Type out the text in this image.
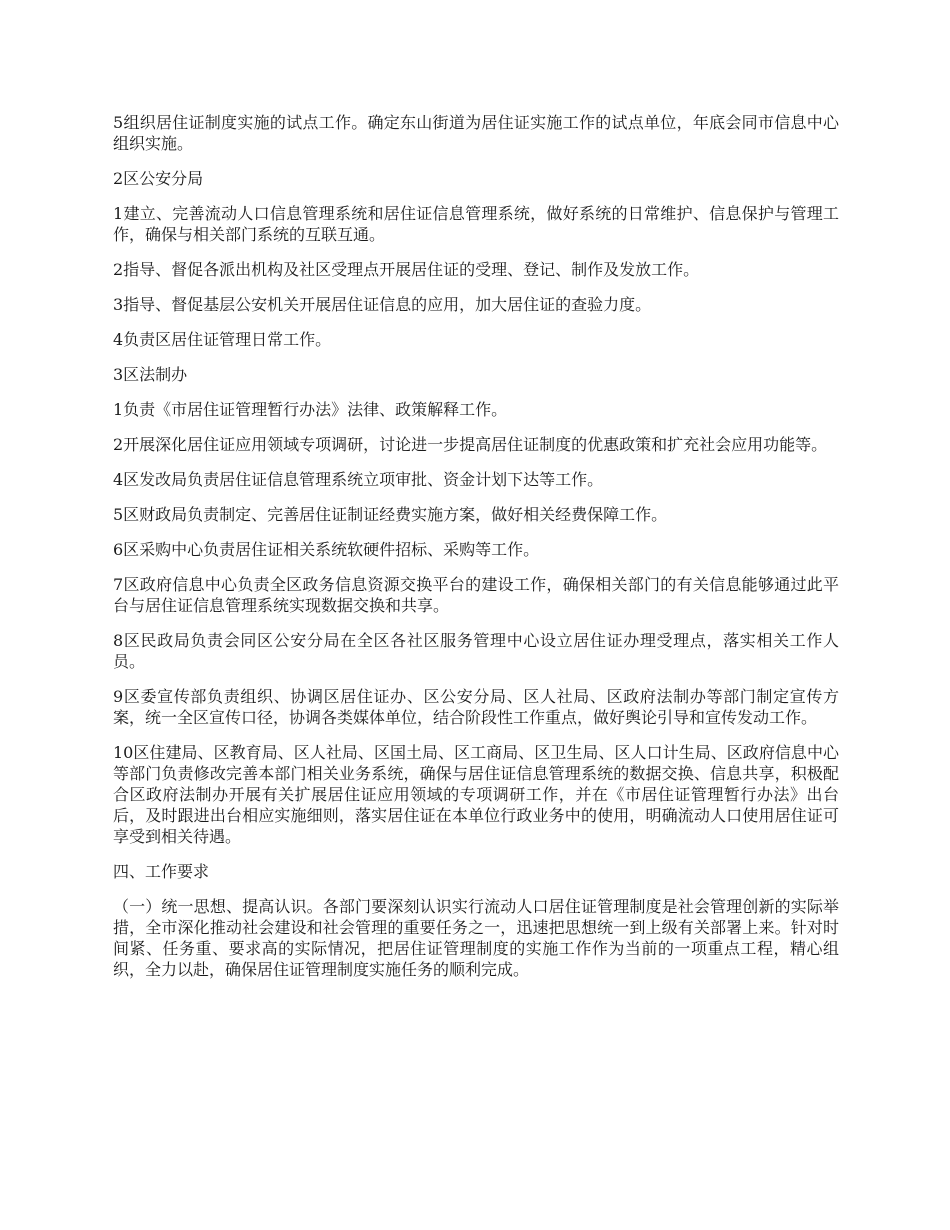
5组织居住证制度实施的试点工作。确定东山街道为居住证实施工作的试点单位，年底会同市信息中心组织实施。

2区公安分局

1建立、完善流动人口信息管理系统和居住证信息管理系统，做好系统的日常维护、信息保护与管理工作，确保与相关部门系统的互联互通。

2指导、督促各派出机构及社区受理点开展居住证的受理、登记、制作及发放工作。

3指导、督促基层公安机关开展居住证信息的应用，加大居住证的查验力度。

4负责区居住证管理日常工作。

3区法制办

1负责《市居住证管理暂行办法》法律、政策解释工作。

2开展深化居住证应用领域专项调研，讨论进一步提高居住证制度的优惠政策和扩充社会应用功能等。

4区发改局负责居住证信息管理系统立项审批、资金计划下达等工作。

5区财政局负责制定、完善居住证制证经费实施方案，做好相关经费保障工作。

6区采购中心负责居住证相关系统软硬件招标、采购等工作。

7区政府信息中心负责全区政务信息资源交换平台的建设工作，确保相关部门的有关信息能够通过此平台与居住证信息管理系统实现数据交换和共享。

8区民政局负责会同区公安分局在全区各社区服务管理中心设立居住证办理受理点，落实相关工作人员。

9区委宣传部负责组织、协调区居住证办、区公安分局、区人社局、区政府法制办等部门制定宣传方案，统一全区宣传口径，协调各类媒体单位，结合阶段性工作重点，做好舆论引导和宣传发动工作。

10区住建局、区教育局、区人社局、区国土局、区工商局、区卫生局、区人口计生局、区政府信息中心等部门负责修改完善本部门相关业务系统，确保与居住证信息管理系统的数据交换、信息共享，积极配合区政府法制办开展有关扩展居住证应用领域的专项调研工作，并在《市居住证管理暂行办法》出台后，及时跟进出台相应实施细则，落实居住证在本单位行政业务中的使用，明确流动人口使用居住证可享受到相关待遇。

四、工作要求

（一）统一思想、提高认识。各部门要深刻认识实行流动人口居住证管理制度是社会管理创新的实际举措，全市深化推动社会建设和社会管理的重要任务之一，迅速把思想统一到上级有关部署上来。针对时间紧、任务重、要求高的实际情况，把居住证管理制度的实施工作作为当前的一项重点工程，精心组织，全力以赴，确保居住证管理制度实施任务的顺利完成。
